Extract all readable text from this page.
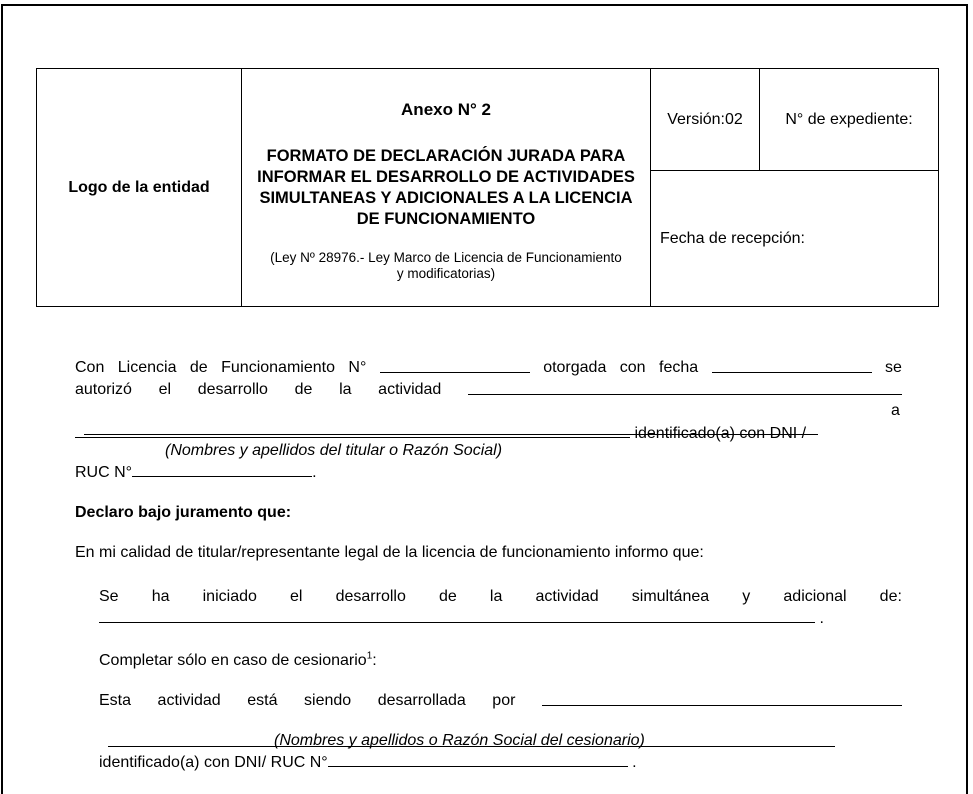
Logo de la entidad	
Anexo N° 2
FORMATO DE DECLARACIÓN JURADA PARA INFORMAR EL DESARROLLO DE ACTIVIDADES SIMULTANEAS Y ADICIONALES A LA LICENCIA DE FUNCIONAMIENTO
(Ley Nº 28976.- Ley Marco de Licencia de Funcionamiento y modificatorias)
	Versión:02	N° de expediente:
Fecha de recepción:
Con Licencia de Funcionamiento N°	otorgada con fecha	se
autorizó el desarrollo de la actividad

a
identificado(a) con DNI /
(Nombres y apellidos del titular o Razón Social)
RUC N°	.
Declaro bajo juramento que:
En mi calidad de titular/representante legal de la licencia de funcionamiento informo que:
Se ha iniciado el desarrollo de la actividad simultánea y adicional de:
.
Completar sólo en caso de cesionario$^1$:
Esta actividad está siendo desarrollada por

(Nombres y apellidos o Razón Social del cesionario)
identificado(a) con DNI/ RUC N°	.
